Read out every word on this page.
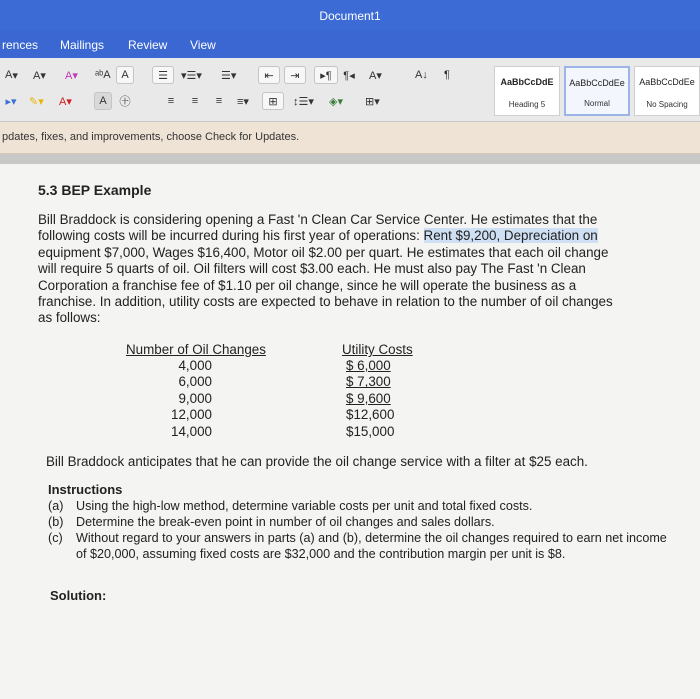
Document1
rences Mailings Review View
A ▾ A▾ A▾ ᵃᵇA A	☰	▾☰▾ ☰▾	⇤	⇥	▸¶	¶◂ A▾	A↓	¶
▸▾	✎▾ A▾	A	㊉	≡	≡	≡	≡▾	⊞	↕☰▾ ◈▾ ⊞▾
AaBbCcDdE
Heading 5
AaBbCcDdEe
Normal
AaBbCcDdEe
No Spacing
pdates, fixes, and improvements, choose Check for Updates.
5.3 BEP Example
Bill Braddock is considering opening a Fast 'n Clean Car Service Center. He estimates that the
following costs will be incurred during his first year of operations: Rent $9,200, Depreciation on
equipment $7,000, Wages $16,400, Motor oil $2.00 per quart. He estimates that each oil change
will require 5 quarts of oil. Oil filters will cost $3.00 each. He must also pay The Fast 'n Clean
Corporation a franchise fee of $1.10 per oil change, since he will operate the business as a
franchise. In addition, utility costs are expected to behave in relation to the number of oil changes
as follows:
Number of Oil Changes	Utility Costs
4,000
6,000
9,000
12,000
14,000
$ 6,000
$ 7,300
$ 9,600
$12,600
$15,000
Bill Braddock anticipates that he can provide the oil change service with a filter at $25 each.
Instructions
(a) Using the high-low method, determine variable costs per unit and total fixed costs.
(b) Determine the break-even point in number of oil changes and sales dollars.
(c)	Without regard to your answers in parts (a) and (b), determine the oil changes required to earn net income of $20,000, assuming fixed costs are $32,000 and the contribution margin per unit is $8.
Solution:
